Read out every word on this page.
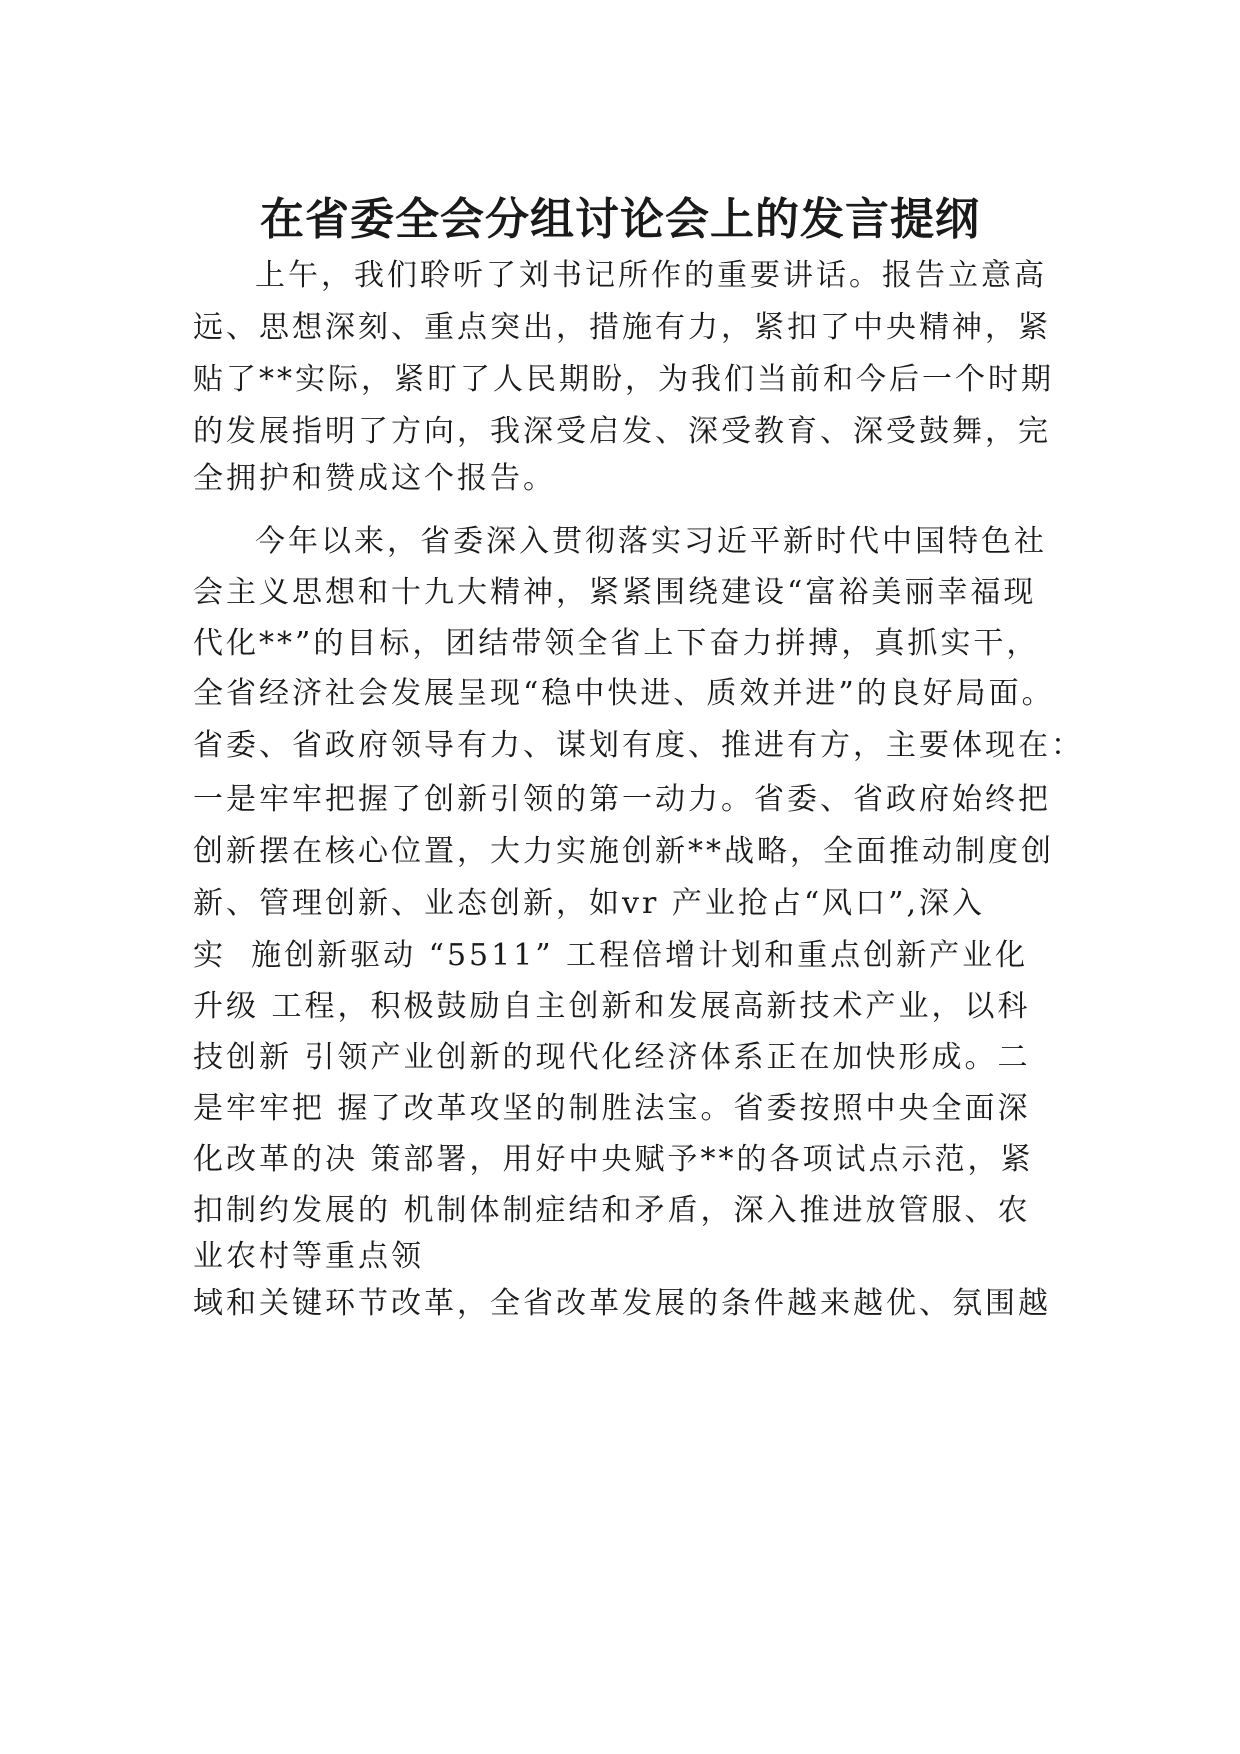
在省委全会分组讨论会上的发言提纲
上午，我们聆听了刘书记所作的重要讲话。报告立意高
远、思想深刻、重点突出，措施有力，紧扣了中央精神，紧
贴了**实际，紧盯了人民期盼，为我们当前和今后一个时期
的发展指明了方向，我深受启发、深受教育、深受鼓舞，完
全拥护和赞成这个报告。
今年以来，省委深入贯彻落实习近平新时代中国特色社
会主义思想和十九大精神，紧紧围绕建设“富裕美丽幸福现
代化**”的目标，团结带领全省上下奋力拼搏，真抓实干，
全省经济社会发展呈现“稳中快进、质效并进”的良好局面。
省委、省政府领导有力、谋划有度、推进有方，主要体现在：
一是牢牢把握了创新引领的第一动力。省委、省政府始终把
创新摆在核心位置，大力实施创新**战略，全面推动制度创
新、管理创新、业态创新，如vr 产业抢占“风口”,深入
实  施创新驱动 “5511” 工程倍增计划和重点创新产业化
升级 工程，积极鼓励自主创新和发展高新技术产业，以科
技创新 引领产业创新的现代化经济体系正在加快形成。二
是牢牢把 握了改革攻坚的制胜法宝。省委按照中央全面深
化改革的决 策部署，用好中央赋予**的各项试点示范，紧
扣制约发展的 机制体制症结和矛盾，深入推进放管服、农
业农村等重点领
域和关键环节改革，全省改革发展的条件越来越优、氛围越
